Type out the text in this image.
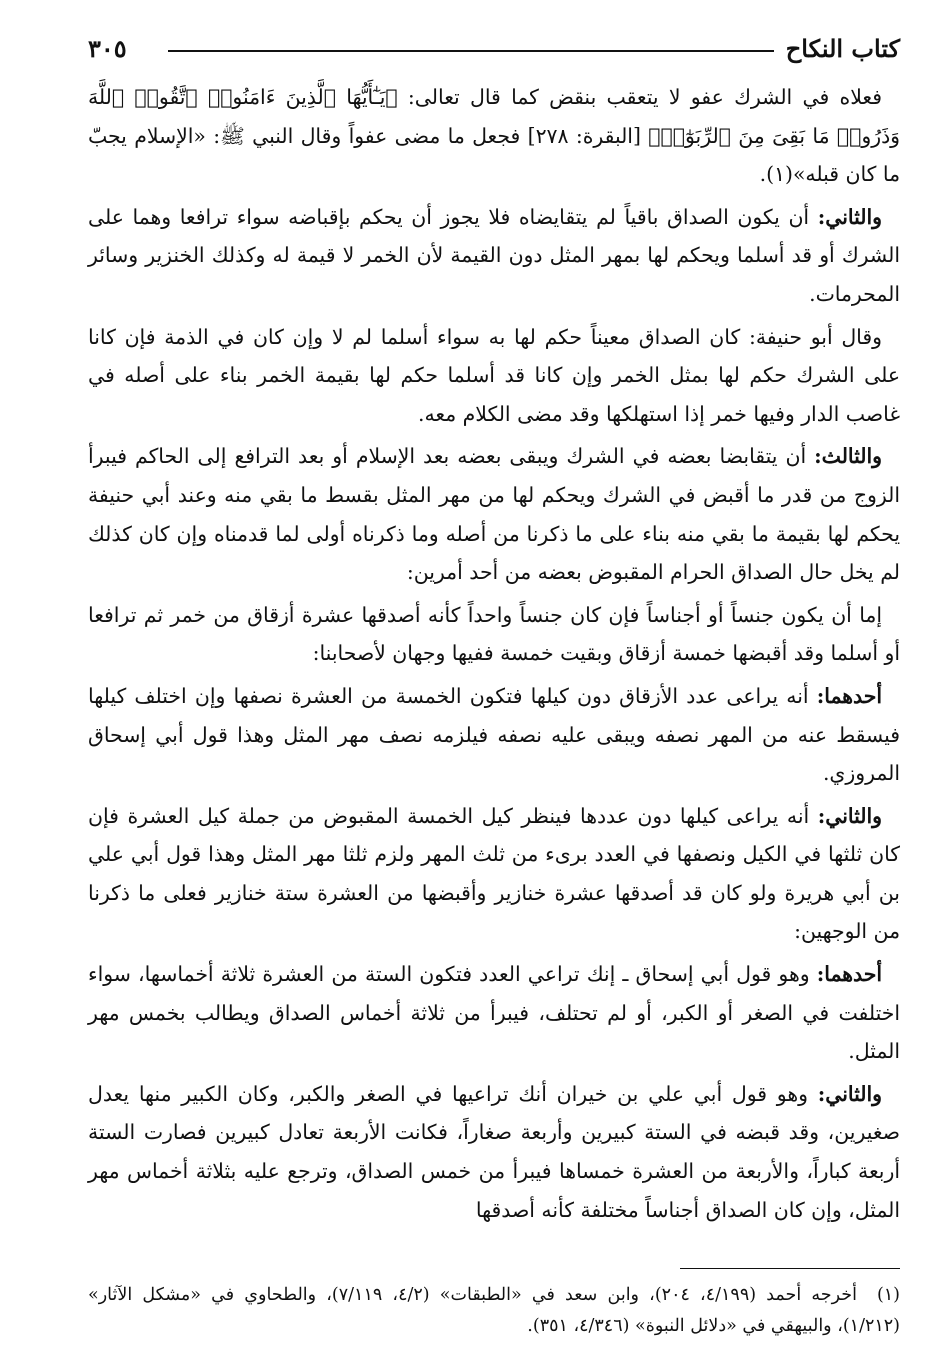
كتاب النكاح
٣٠٥

فعلاه في الشرك عفو لا يتعقب بنقض كما قال تعالى: ﴿يَـٰٓأَيُّهَا ٱلَّذِينَ ءَامَنُوا۟ ٱتَّقُوا۟ ٱللَّهَ وَذَرُوا۟ مَا بَقِىَ مِنَ ٱلرِّبَوٰٓا۟﴾ [البقرة: ٢٧٨] فجعل ما مضى عفواً وقال النبي ﷺ: «الإسلام يجبّ ما كان قبله»(١).

والثاني: أن يكون الصداق باقياً لم يتقايضاه فلا يجوز أن يحكم بإقباضه سواء ترافعا وهما على الشرك أو قد أسلما ويحكم لها بمهر المثل دون القيمة لأن الخمر لا قيمة له وكذلك الخنزير وسائر المحرمات.

وقال أبو حنيفة: كان الصداق معيناً حكم لها به سواء أسلما لم لا وإن كان في الذمة فإن كانا على الشرك حكم لها بمثل الخمر وإن كانا قد أسلما حكم لها بقيمة الخمر بناء على أصله في غاصب الدار وفيها خمر إذا استهلكها وقد مضى الكلام معه.

والثالث: أن يتقابضا بعضه في الشرك ويبقى بعضه بعد الإسلام أو بعد الترافع إلى الحاكم فيبرأ الزوج من قدر ما أقبض في الشرك ويحكم لها من مهر المثل بقسط ما بقي منه وعند أبي حنيفة يحكم لها بقيمة ما بقي منه بناء على ما ذكرنا من أصله وما ذكرناه أولى لما قدمناه وإن كان كذلك لم يخل حال الصداق الحرام المقبوض بعضه من أحد أمرين:

إما أن يكون جنساً أو أجناساً فإن كان جنساً واحداً كأنه أصدقها عشرة أزقاق من خمر ثم ترافعا أو أسلما وقد أقبضها خمسة أزقاق وبقيت خمسة ففيها وجهان لأصحابنا:

أحدهما: أنه يراعى عدد الأزقاق دون كيلها فتكون الخمسة من العشرة نصفها وإن اختلف كيلها فيسقط عنه من المهر نصفه ويبقى عليه نصفه فيلزمه نصف مهر المثل وهذا قول أبي إسحاق المروزي.

والثاني: أنه يراعى كيلها دون عددها فينظر كيل الخمسة المقبوض من جملة كيل العشرة فإن كان ثلثها في الكيل ونصفها في العدد برىء من ثلث المهر ولزم ثلثا مهر المثل وهذا قول أبي علي بن أبي هريرة ولو كان قد أصدقها عشرة خنازير وأقبضها من العشرة ستة خنازير فعلى ما ذكرنا من الوجهين:

أحدهما: وهو قول أبي إسحاق ـ إنك تراعي العدد فتكون الستة من العشرة ثلاثة أخماسها، سواء اختلفت في الصغر أو الكبر، أو لم تحتلف، فيبرأ من ثلاثة أخماس الصداق ويطالب بخمس مهر المثل.

والثاني: وهو قول أبي علي بن خيران أنك تراعيها في الصغر والكبر، وكان الكبير منها يعدل صغيرين، وقد قبضه في الستة كبيرين وأربعة صغاراً، فكانت الأربعة تعادل كبيرين فصارت الستة أربعة كباراً، والأربعة من العشرة خمساها فيبرأ من خمس الصداق، وترجع عليه بثلاثة أخماس مهر المثل، وإن كان الصداق أجناساً مختلفة كأنه أصدقها

(١)أخرجه أحمد (٤/١٩٩، ٢٠٤)، وابن سعد في «الطبقات» (٤/٢، ٧/١١٩)، والطحاوي في «مشكل الآثار» (١/٢١٢)، والبيهقي في «دلائل النبوة» (٤/٣٤٦، ٣٥١).
